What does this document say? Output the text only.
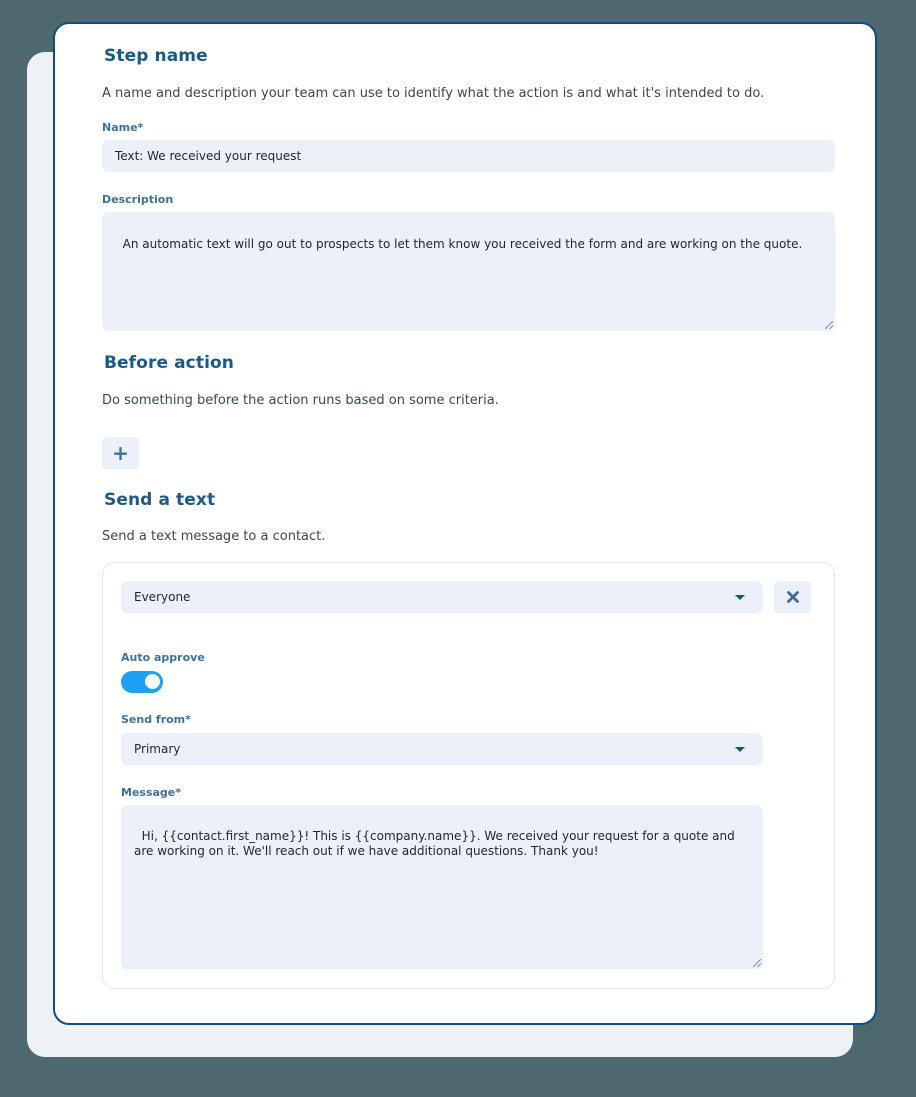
Step name
A name and description your team can use to identify what the action is and what it's intended to do.
Name*
Text: We received your request
Description

An automatic text will go out to prospects to let them know you received the form and are working on the quote.

Before action
Do something before the action runs based on some criteria.
+
Send a text
Send a text message to a contact.
Everyone
Auto approve
Send from*
Primary
Message*

Hi, {{contact.first_name}}! This is {{company.name}}. We received your request for a quote and are working on it. We'll reach out if we have additional questions. Thank you!
